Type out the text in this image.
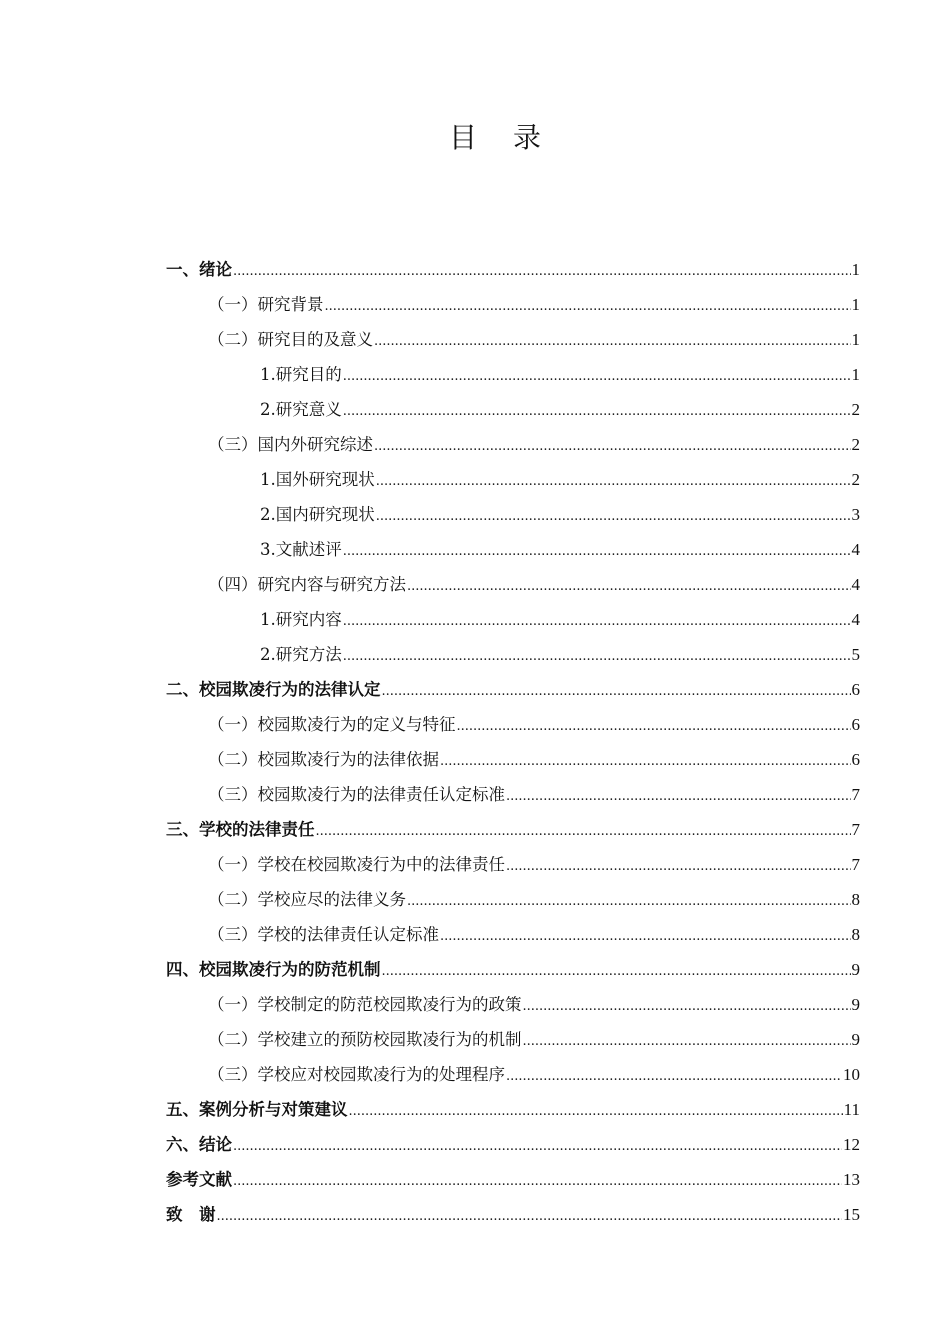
目 录
一、绪论 .....	1
（一）研究背景 .....	1
（二）研究目的及意义 .....	1
1.研究目的 .....	1
2.研究意义 .....	2
（三）国内外研究综述 .....	2
1.国外研究现状 .....	2
2.国内研究现状 .....	3
3.文献述评 .....	4
（四）研究内容与研究方法 .....	4
1.研究内容 .....	4
2.研究方法 .....	5
二、校园欺凌行为的法律认定 .....	6
（一）校园欺凌行为的定义与特征 .....	6
（二）校园欺凌行为的法律依据 .....	6
（三）校园欺凌行为的法律责任认定标准 .....	7
三、学校的法律责任 .....	7
（一）学校在校园欺凌行为中的法律责任 .....	7
（二）学校应尽的法律义务 .....	8
（三）学校的法律责任认定标准 .....	8
四、校园欺凌行为的防范机制 .....	9
（一）学校制定的防范校园欺凌行为的政策 .....	9
（二）学校建立的预防校园欺凌行为的机制 .....	9
（三）学校应对校园欺凌行为的处理程序 .....	10
五、案例分析与对策建议 .....	11
六、结论 .....	12
参考文献 .....	13
致　谢 .....	15
